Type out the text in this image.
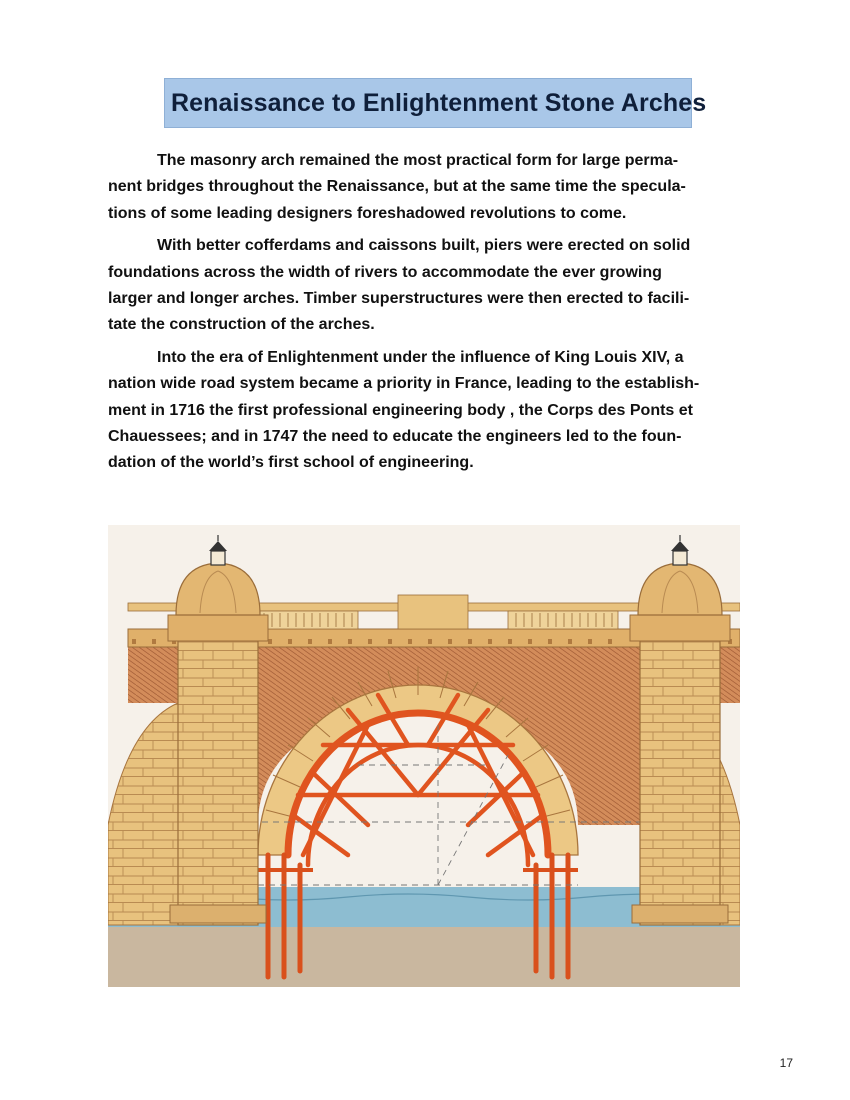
Renaissance to Enlightenment Stone Arches

The masonry arch remained the most practical form for large perma-
nent bridges throughout the Renaissance, but at the same time the specula-
tions of some leading designers foreshadowed revolutions to come.

With better cofferdams and caissons built, piers were erected on solid
foundations across the width of rivers to accommodate the ever growing
larger and longer arches. Timber superstructures were then erected to facili-
tate the construction of the arches.

Into the era of Enlightenment under the influence of King Louis XIV, a
nation wide road system became a priority in France, leading to the establish-
ment in 1716 the first professional engineering body , the Corps des Ponts et
Chauessees; and in 1747 the need to educate the engineers led to the foun-
dation of the world’s first school of engineering.

17
